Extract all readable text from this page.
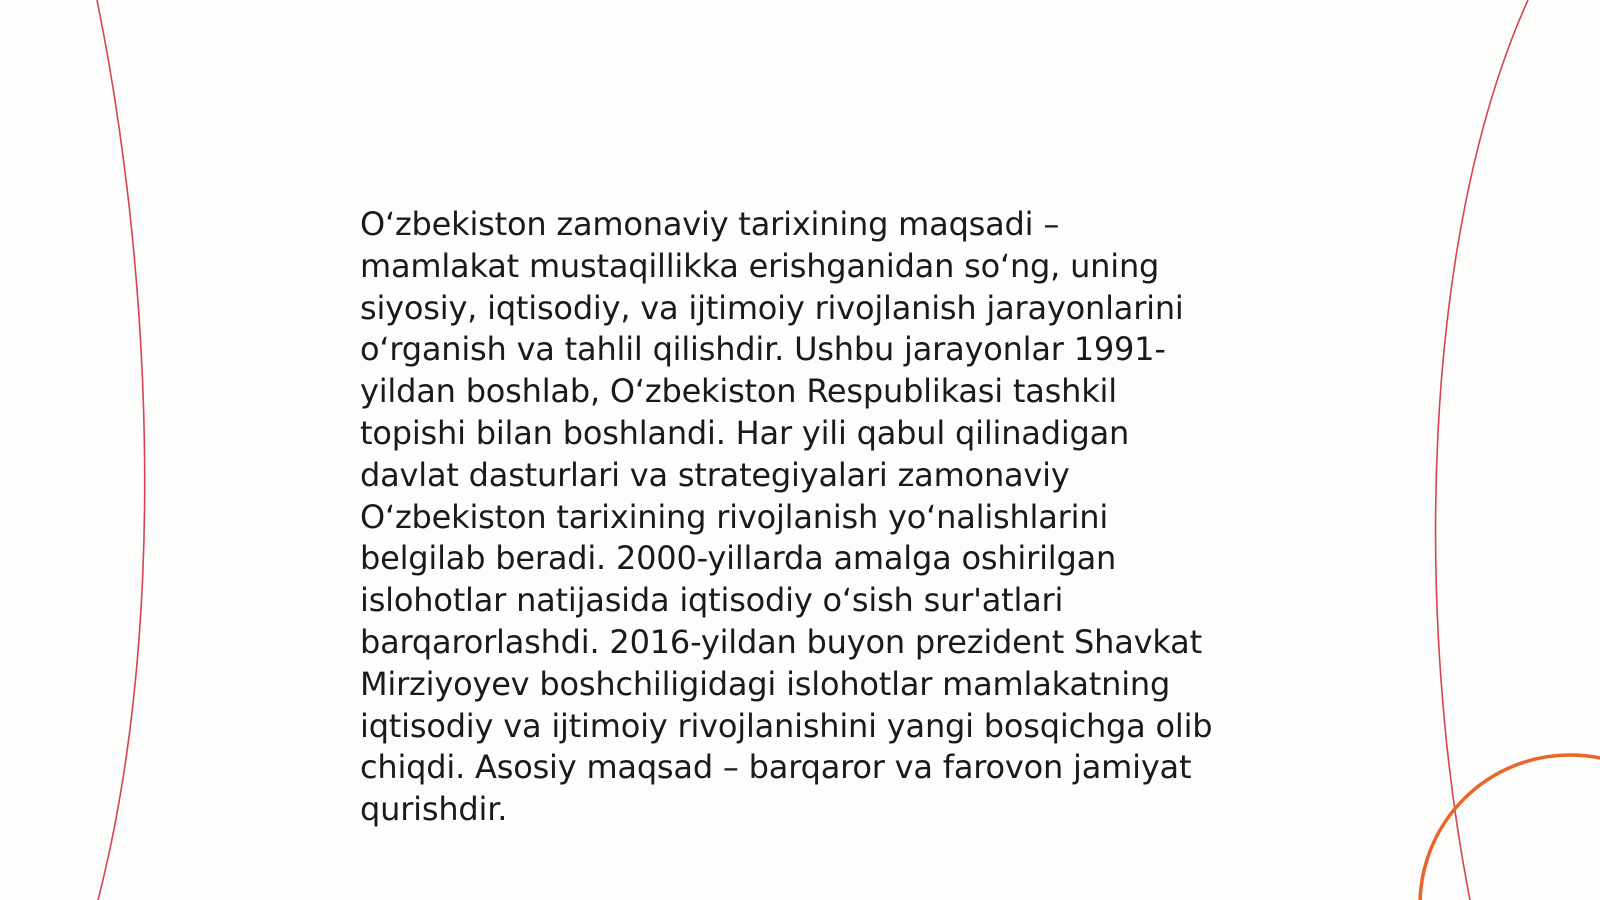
O‘zbekiston zamonaviy tarixining maqsadi –
mamlakat mustaqillikka erishganidan so‘ng, uning
siyosiy, iqtisodiy, va ijtimoiy rivojlanish jarayonlarini
o‘rganish va tahlil qilishdir. Ushbu jarayonlar 1991-
yildan boshlab, O‘zbekiston Respublikasi tashkil
topishi bilan boshlandi. Har yili qabul qilinadigan
davlat dasturlari va strategiyalari zamonaviy
O‘zbekiston tarixining rivojlanish yo‘nalishlarini
belgilab beradi. 2000-yillarda amalga oshirilgan
islohotlar natijasida iqtisodiy o‘sish sur'atlari
barqarorlashdi. 2016-yildan buyon prezident Shavkat
Mirziyoyev boshchiligidagi islohotlar mamlakatning
iqtisodiy va ijtimoiy rivojlanishini yangi bosqichga olib
chiqdi. Asosiy maqsad – barqaror va farovon jamiyat
qurishdir.
